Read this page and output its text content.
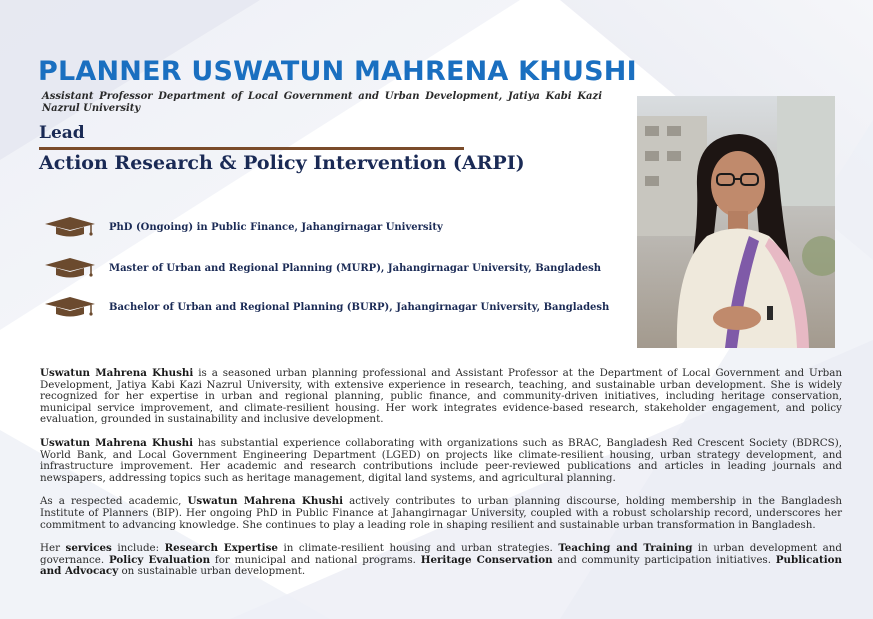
PLANNER USWATUN MAHRENA KHUSHI
Assistant Professor Department of Local Government and Urban Development, Jatiya Kabi Kazi Nazrul University
Lead
Action Research & Policy Intervention (ARPI)
PhD (Ongoing) in Public Finance, Jahangirnagar University
Master of Urban and Regional Planning (MURP), Jahangirnagar University, Bangladesh
Bachelor of Urban and Regional Planning (BURP), Jahangirnagar University, Bangladesh

Uswatun Mahrena Khushi is a seasoned urban planning professional and Assistant Professor at the Department of Local Government and Urban Development, Jatiya Kabi Kazi Nazrul University, with extensive experience in research, teaching, and sustainable urban development. She is widely recognized for her expertise in urban and regional planning, public finance, and community-driven initiatives, including heritage conservation, municipal service improvement, and climate-resilient housing. Her work integrates evidence-based research, stakeholder engagement, and policy evaluation, grounded in sustainability and inclusive development.

Uswatun Mahrena Khushi has substantial experience collaborating with organizations such as BRAC, Bangladesh Red Crescent Society (BDRCS), World Bank, and Local Government Engineering Department (LGED) on projects like climate-resilient housing, urban strategy development, and infrastructure improvement. Her academic and research contributions include peer-reviewed publications and articles in leading journals and newspapers, addressing topics such as heritage management, digital land systems, and agricultural planning.

As a respected academic, Uswatun Mahrena Khushi actively contributes to urban planning discourse, holding membership in the Bangladesh Institute of Planners (BIP). Her ongoing PhD in Public Finance at Jahangirnagar University, coupled with a robust scholarship record, underscores her commitment to advancing knowledge. She continues to play a leading role in shaping resilient and sustainable urban transformation in Bangladesh.

Her services include: Research Expertise in climate-resilient housing and urban strategies. Teaching and Training in urban development and governance. Policy Evaluation for municipal and national programs. Heritage Conservation and community participation initiatives. Publication and Advocacy on sustainable urban development.
